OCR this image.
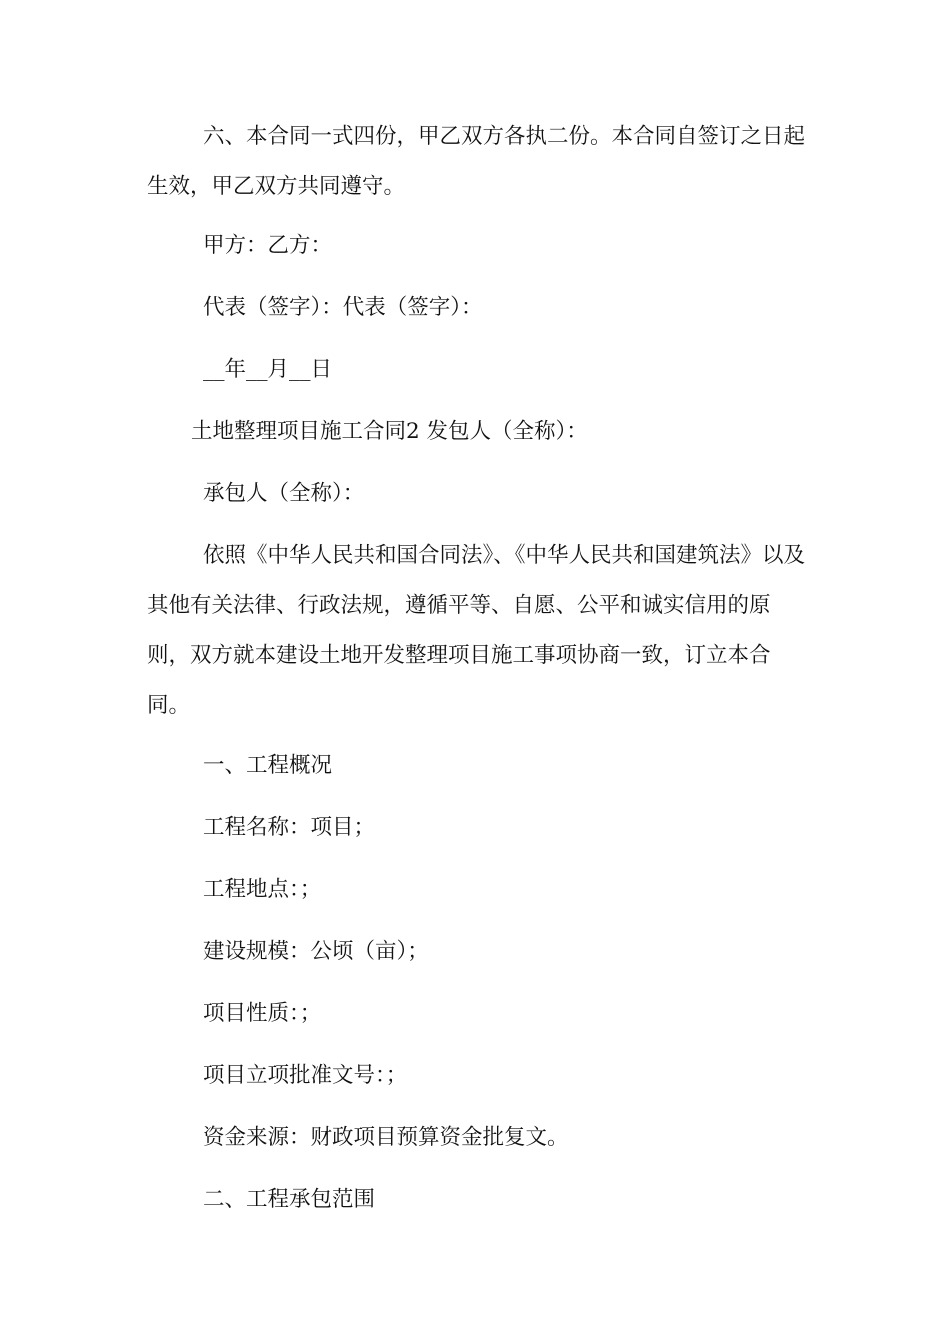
六、本合同一式四份，甲乙双方各执二份。本合同自签订之日起生效，甲乙双方共同遵守。

甲方：乙方：

代表（签字）：代表（签字）：

__年__月__日

土地整理项目施工合同2 发包人（全称）：

承包人（全称）：

依照《中华人民共和国合同法》、《中华人民共和国建筑法》以及其他有关法律、行政法规，遵循平等、自愿、公平和诚实信用的原则，双方就本建设土地开发整理项目施工事项协商一致，订立本合同。

一、工程概况

工程名称：项目；

工程地点：；

建设规模：公顷（亩）；

项目性质：；

项目立项批准文号：；

资金来源：财政项目预算资金批复文。

二、工程承包范围
